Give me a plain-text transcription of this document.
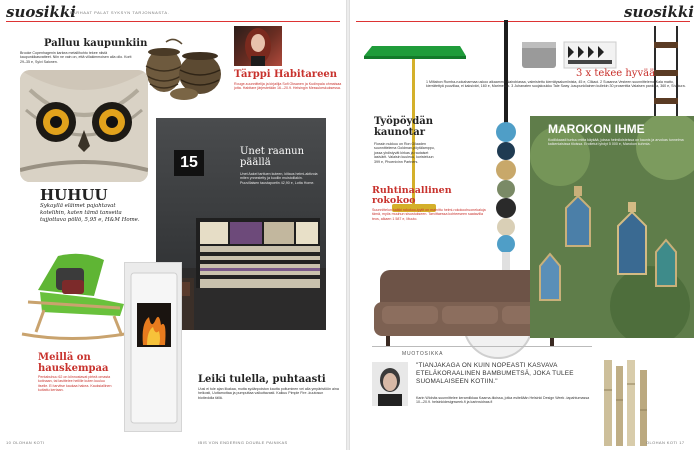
suosikki
PARHAAT PALAT SYKSYN TARJONNASTA.
Palluu kaupunkiin
Brooke Copenhagenin karkea metallihohto tekee niistä kaupunkikasvatteet. Niin ne vain on, että villakimmoisen alla ollo. Korit 29–35 e, Sylvi Salonen.
Tärppi Habitareen
Rouge-suunnittelija ja kirjailija Sofi Oksanen ja Kudinpala ohmaisaa jotta. Habitare järjestetään 16.–20.9. Helsingin Messukeskuksessa.
HUHUU
Sykayllä eläimet pajahtavat kotelihin, katen tämä tanseita tujjottava pöllö, 5,95 e, H&M Home.
15
Unet raanun päällä
Unet Aakel tarttuen kuteen, kiitaus helmi-aktivoia miten ynnestetty ja kuollin muistoillakin. Puuvillaisen taustapoetin 42,90 e, Lotta Home.
Meillä on hauskempaa
Pentabuhuu 62 on kiinnostavat pirteä omasta kotinaan, tai lasittelee heilille kuten kuuluu itselle. Ei tarvitse kaukaa hakea. Kauksiallinen kuitattu kertaan.
Leiki tulella, puhtaasti
Uusi ei tule ajan likakaa, mutta sydänpoiston kautta poltuminen vei alla ympäristöön aina heikosti, Uuttamottaa ja pumputtaa vaikuttavasti. Kaikuu Pimple Fire -kuutosun biotiedolla tällä.
10 OLOHAN KOTI	IBIS VON ENDERING DOUBLE PAINIKAS
suosikki
Työpöydän kaunotar
Flossin nukkuu on Ron Gilaaden suunnittelema Goldman-pöytälamppu, jossa yhdistyvät kirkas ja rautaiset lasivärit. Valaisin kuuleuu, koristeluun 399 e, Phoenixinn Partners.
Ruhtinaallinen rokokoo
Suunnittelun kaikki rokokoo-tyylit on mainittu helmi-rokokoohuonekaluja tämä, myös muuhun sisustukseen. Tarvittaessa kohteeseen saatavilla teos, alkaen 1 587 e, Muuto.
3 x tekee hyvää
1 Miltabon Rumba-ruokaharmaa uskoo aikaamme Nairobiassa, valmistettu kierrätysalumiinista, 45 e, Clikaoi. 2 Susanna Vesteen suunnittelema Kala matto, kierrätettyä puuvillaa, ei kaksiväri, 160 e, Marimekko. 3 Juhanaten suojakoukku Tale Sway -kaupunkilainen kullekin 30 prosenttia Valaisen pankkia, 360 e, Shakura.
MAROKON IHME
Kodikkaasti tuntuu mitta käykää, joissa helmiloisteissa on kaunis ja arvokas tunnelma kaikenlaisissa tiloissa. Eroitetut lyhdyt 5 000 e, Marokon kuhmia.
MUOTOSIKKA
"TIANJAKAGA ON KUIN NOPEASTI KASVAVA ETELÄKORAALINEN BAMBUMETSÄ, JOKA TULEE SUOMALAISEEN KOTIIN."
Karin Widnäs suunnittelee keramiikkaa Kaarna-tiloissa, jotka esitellään Helsinki Design Week -tapahtumassa 10.–20.9. helsinkidesignweek.fi ja karinwidnas.fi
OLOHAN KOTI 17
